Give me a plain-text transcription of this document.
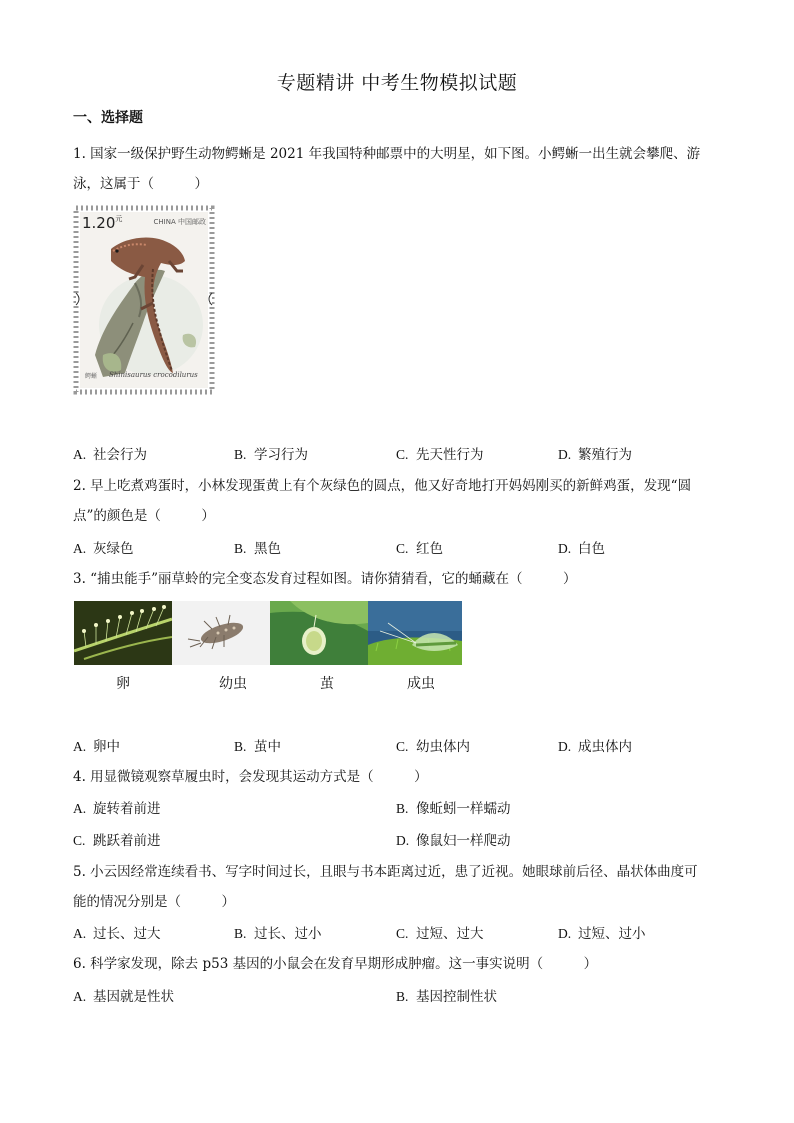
专题精讲 中考生物模拟试题
一、选择题
1. 国家一级保护野生动物鳄蜥是 2021 年我国特种邮票中的大明星，如下图。小鳄蜥一出生就会攀爬、游
泳，这属于（　　　）
$1.20^元$	CHINA 中国邮政
鳄蜥 Shinisaurus crocodilurus
A. 社会行为	B. 学习行为	C. 先天性行为	D. 繁殖行为
2. 早上吃煮鸡蛋时，小林发现蛋黄上有个灰绿色的圆点，他又好奇地打开妈妈刚买的新鲜鸡蛋，发现“圆
点”的颜色是（　　　）
A. 灰绿色	B. 黑色	C. 红色	D. 白色
3. “捕虫能手”丽草蛉的完全变态发育过程如图。请你猜猜看，它的蛹藏在（　　　）
卵	幼虫	茧	成虫
A. 卵中	B. 茧中	C. 幼虫体内	D. 成虫体内
4. 用显微镜观察草履虫时，会发现其运动方式是（　　　）
A. 旋转着前进	B. 像蚯蚓一样蠕动
C. 跳跃着前进	D. 像鼠妇一样爬动
5. 小云因经常连续看书、写字时间过长，且眼与书本距离过近，患了近视。她眼球前后径、晶状体曲度可
能的情况分别是（　　　）
A. 过长、过大	B. 过长、过小	C. 过短、过大	D. 过短、过小
6. 科学家发现，除去 p53 基因的小鼠会在发育早期形成肿瘤。这一事实说明（　　　）
A. 基因就是性状	B. 基因控制性状
